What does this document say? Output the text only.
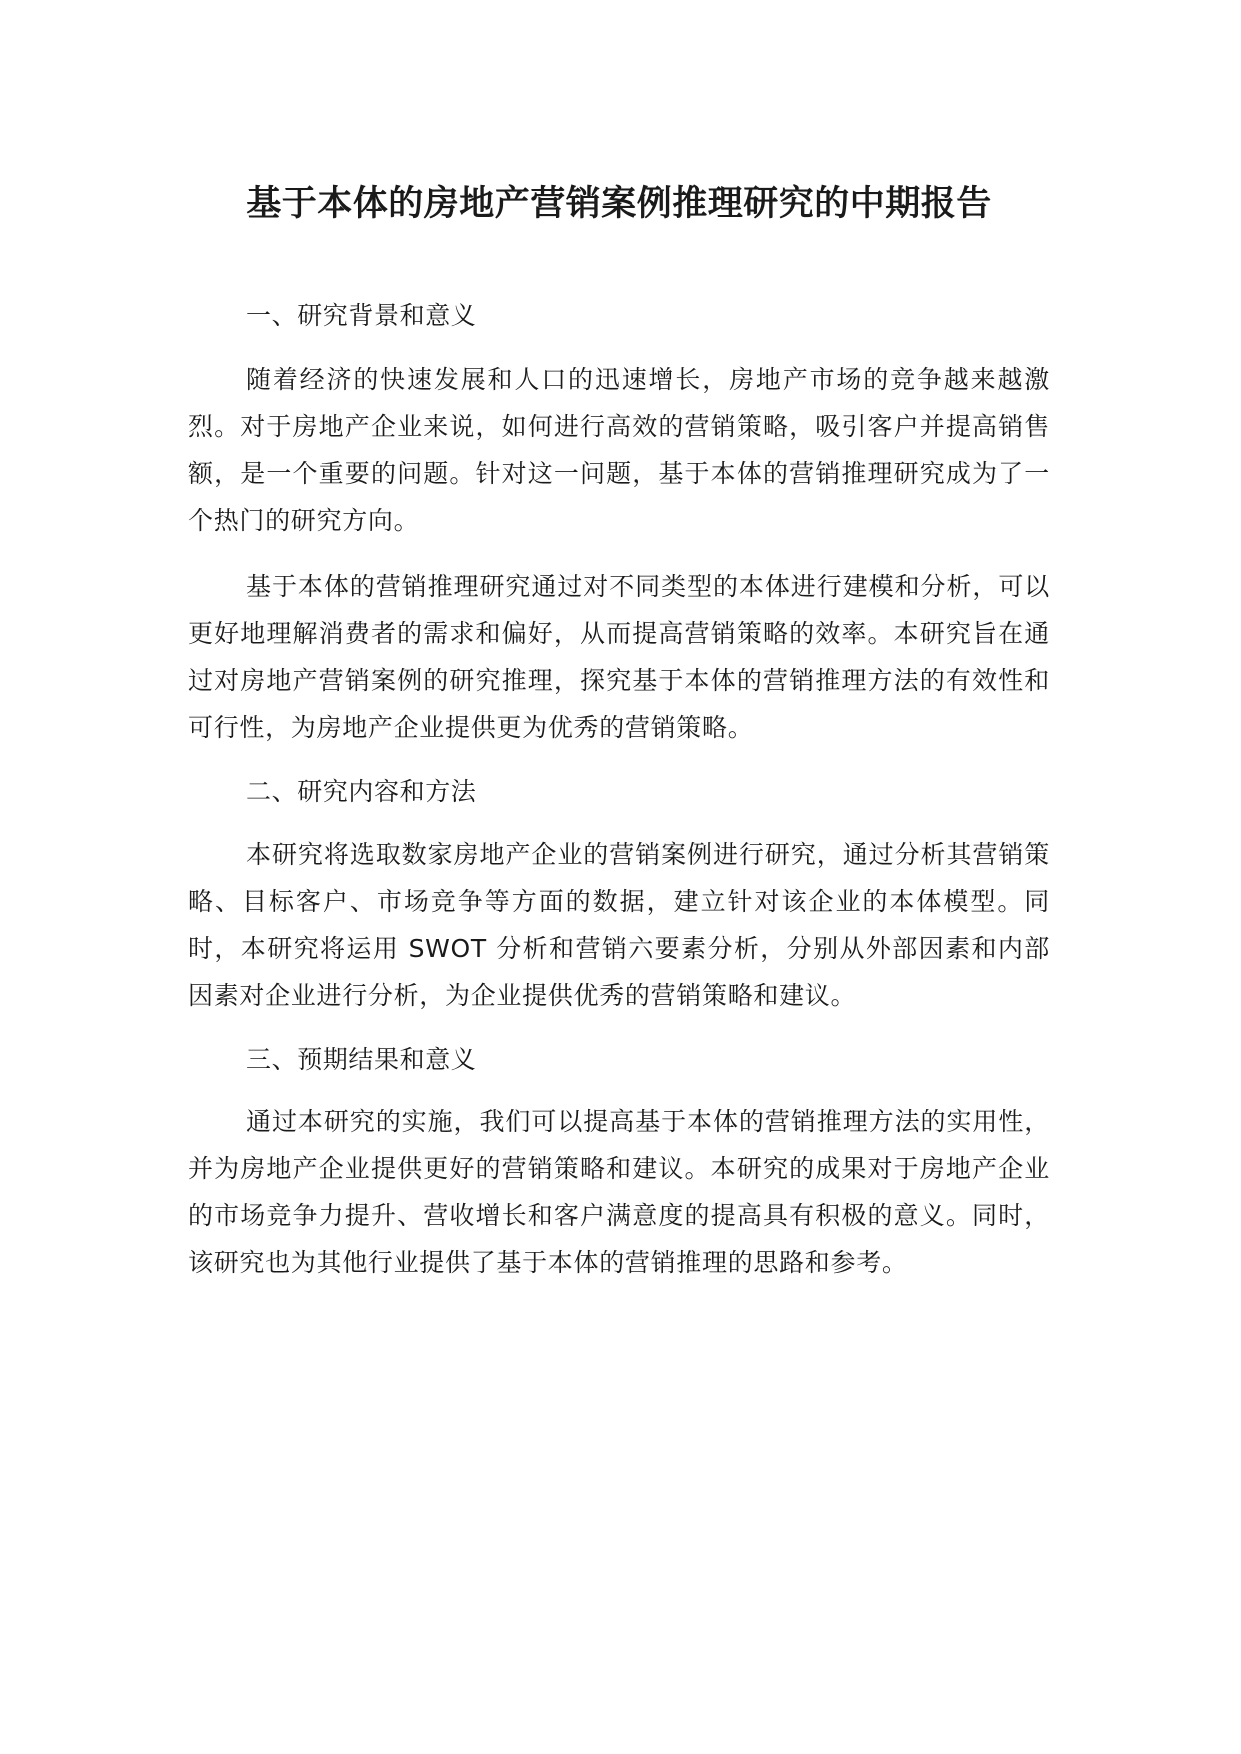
基于本体的房地产营销案例推理研究的中期报告
一、研究背景和意义

随着经济的快速发展和人口的迅速增长，房地产市场的竞争越来越激烈。对于房地产企业来说，如何进行高效的营销策略，吸引客户并提高销售额，是一个重要的问题。针对这一问题，基于本体的营销推理研究成为了一个热门的研究方向。

基于本体的营销推理研究通过对不同类型的本体进行建模和分析，可以更好地理解消费者的需求和偏好，从而提高营销策略的效率。本研究旨在通过对房地产营销案例的研究推理，探究基于本体的营销推理方法的有效性和可行性，为房地产企业提供更为优秀的营销策略。

二、研究内容和方法

本研究将选取数家房地产企业的营销案例进行研究，通过分析其营销策略、目标客户、市场竞争等方面的数据，建立针对该企业的本体模型。同时，本研究将运用 SWOT 分析和营销六要素分析，分别从外部因素和内部因素对企业进行分析，为企业提供优秀的营销策略和建议。

三、预期结果和意义

通过本研究的实施，我们可以提高基于本体的营销推理方法的实用性，并为房地产企业提供更好的营销策略和建议。本研究的成果对于房地产企业的市场竞争力提升、营收增长和客户满意度的提高具有积极的意义。同时，该研究也为其他行业提供了基于本体的营销推理的思路和参考。
